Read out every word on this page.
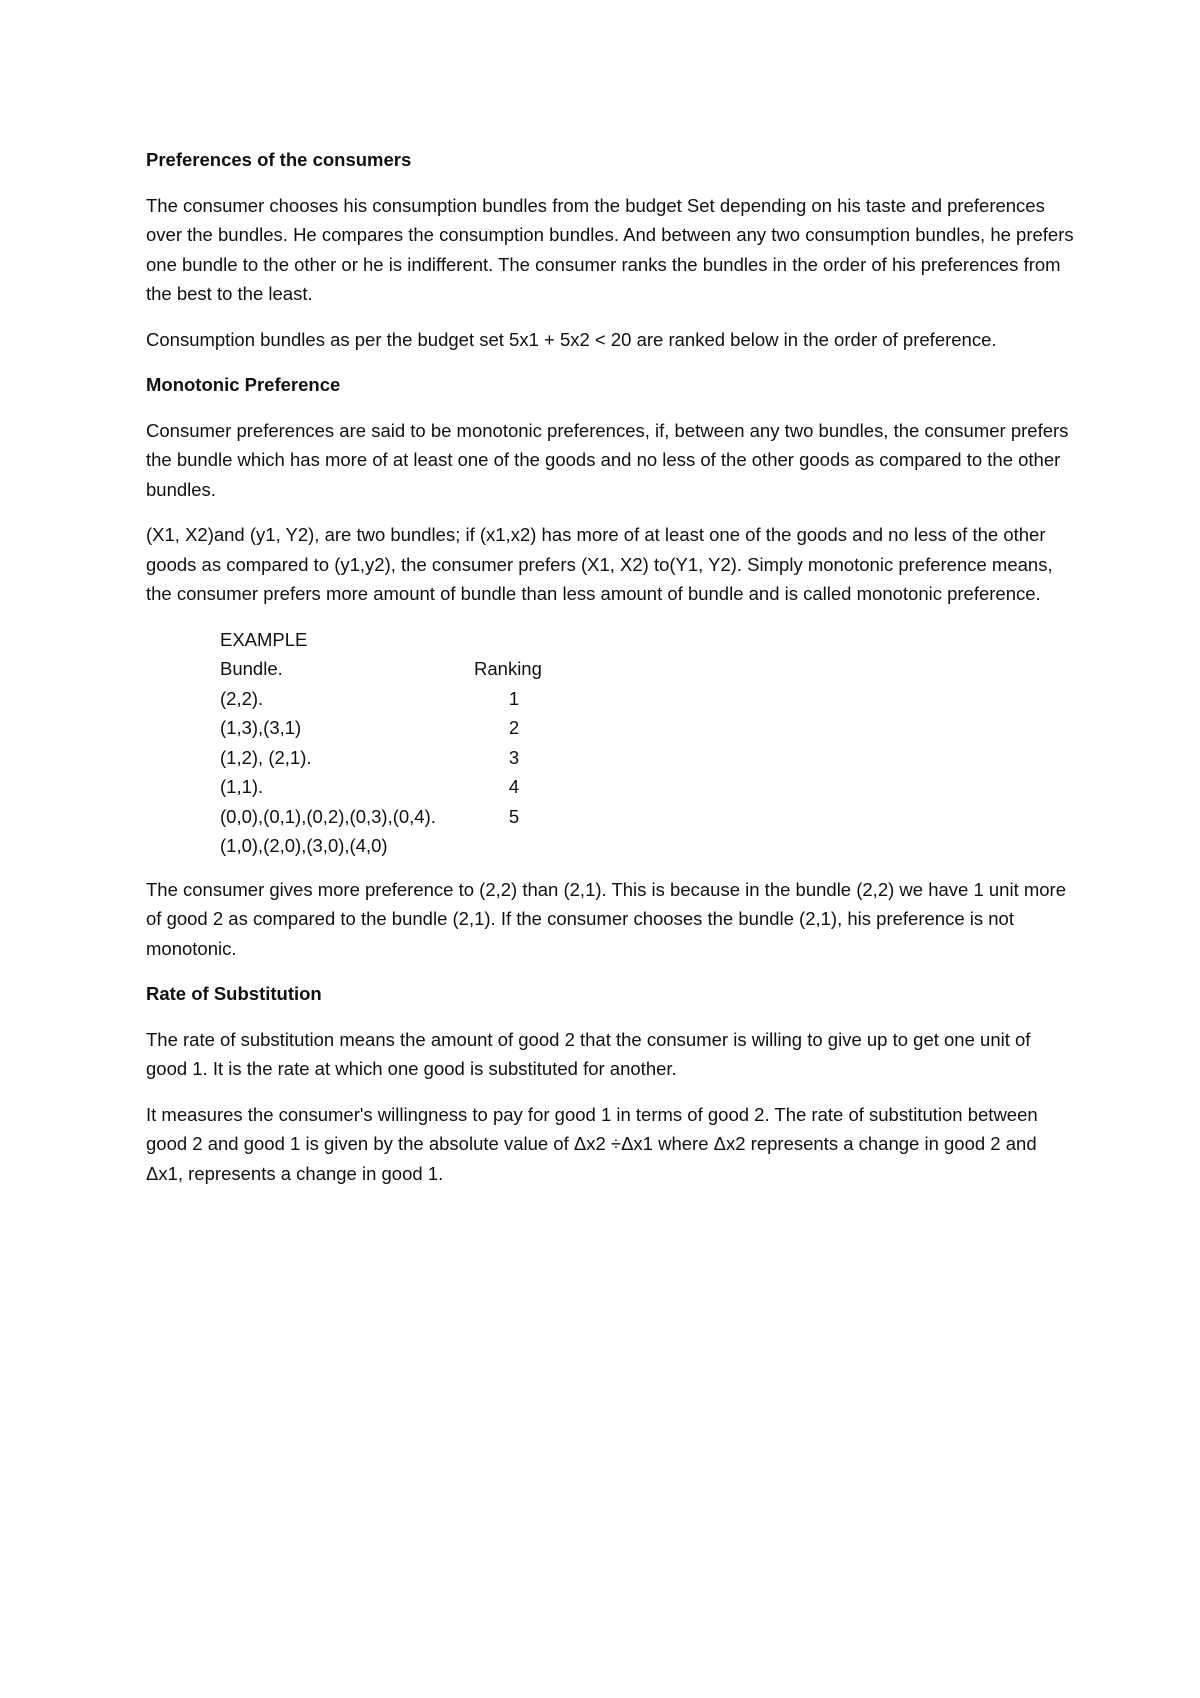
Preferences of the consumers
The consumer chooses his consumption bundles from the budget Set depending on his taste and preferences over the bundles. He compares the consumption bundles. And between any two consumption bundles, he prefers one bundle to the other or he is indifferent. The consumer ranks the bundles in the order of his preferences from the best to the least.
Consumption bundles as per the budget set 5x1 + 5x2 < 20 are ranked below in the order of preference.
Monotonic Preference
Consumer preferences are said to be monotonic preferences, if, between any two bundles, the consumer prefers the bundle which has more of at least one of the goods and no less of the other goods as compared to the other bundles.
(X1, X2)and (y1, Y2), are two bundles; if (x1,x2) has more of at least one of the goods and no less of the other goods as compared to (y1,y2), the consumer prefers (X1, X2) to(Y1, Y2). Simply monotonic preference means, the consumer prefers more amount of bundle than less amount of bundle and is called monotonic preference.
EXAMPLE
Bundle.	Ranking
(2,2).	1
(1,3),(3,1)	2
(1,2), (2,1).	3
(1,1).	4
(0,0),(0,1),(0,2),(0,3),(0,4).	5
(1,0),(2,0),(3,0),(4,0)
The consumer gives more preference to (2,2) than (2,1). This is because in the bundle (2,2) we have 1 unit more of good 2 as compared to the bundle (2,1). If the consumer chooses the bundle (2,1), his preference is not monotonic.
Rate of Substitution
The rate of substitution means the amount of good 2 that the consumer is willing to give up to get one unit of good 1. It is the rate at which one good is substituted for another.
It measures the consumer's willingness to pay for good 1 in terms of good 2. The rate of substitution between good 2 and good 1 is given by the absolute value of Δx2 ÷Δx1 where Δx2 represents a change in good 2 and Δx1, represents a change in good 1.
